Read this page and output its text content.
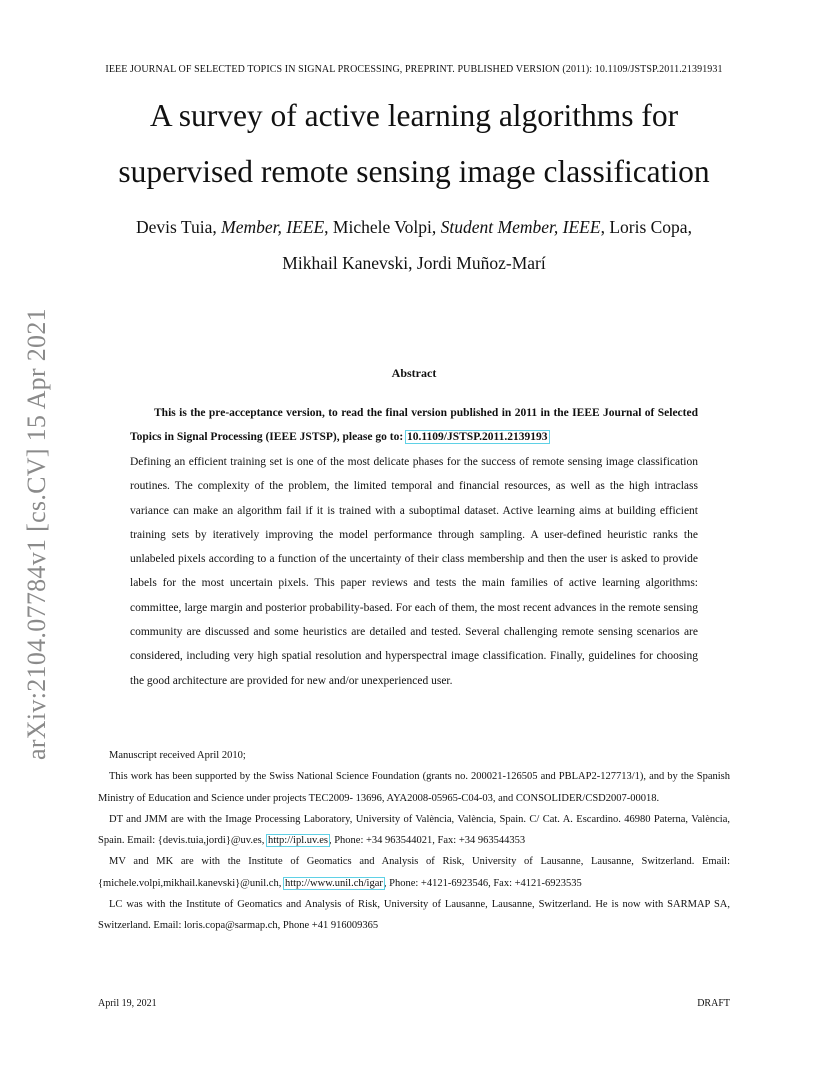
IEEE JOURNAL OF SELECTED TOPICS IN SIGNAL PROCESSING, PREPRINT. PUBLISHED VERSION (2011): 10.1109/JSTSP.2011.21391931
A survey of active learning algorithms for
supervised remote sensing image classification
Devis Tuia, Member, IEEE, Michele Volpi, Student Member, IEEE, Loris Copa,
Mikhail Kanevski, Jordi Muñoz-Marí
arXiv:2104.07784v1 [cs.CV] 15 Apr 2021	Abstract
This is the pre-acceptance version, to read the final version published in 2011 in the IEEE Journal of Selected Topics in Signal Processing (IEEE JSTSP), please go to: 10.1109/JSTSP.2011.2139193
Defining an efficient training set is one of the most delicate phases for the success of remote sensing image classification routines. The complexity of the problem, the limited temporal and financial resources, as well as the high intraclass variance can make an algorithm fail if it is trained with a suboptimal dataset. Active learning aims at building efficient training sets by iteratively improving the model performance through sampling. A user-defined heuristic ranks the unlabeled pixels according to a function of the uncertainty of their class membership and then the user is asked to provide labels for the most uncertain pixels. This paper reviews and tests the main families of active learning algorithms: committee, large margin and posterior probability-based. For each of them, the most recent advances in the remote sensing community are discussed and some heuristics are detailed and tested. Several challenging remote sensing scenarios are considered, including very high spatial resolution and hyperspectral image classification. Finally, guidelines for choosing the good architecture are provided for new and/or unexperienced user.
Manuscript received April 2010;
This work has been supported by the Swiss National Science Foundation (grants no. 200021-126505 and PBLAP2-127713/1), and by the Spanish Ministry of Education and Science under projects TEC2009- 13696, AYA2008-05965-C04-03, and CONSOLIDER/CSD2007-00018.
DT and JMM are with the Image Processing Laboratory, University of València, València, Spain. C/ Cat. A. Escardino. 46980 Paterna, València, Spain. Email: {devis.tuia,jordi}@uv.es, http://ipl.uv.es, Phone: +34 963544021, Fax: +34 963544353
MV and MK are with the Institute of Geomatics and Analysis of Risk, University of Lausanne, Lausanne, Switzerland. Email: {michele.volpi,mikhail.kanevski}@unil.ch, http://www.unil.ch/igar, Phone: +4121-6923546, Fax: +4121-6923535
LC was with the Institute of Geomatics and Analysis of Risk, University of Lausanne, Lausanne, Switzerland. He is now with SARMAP SA, Switzerland. Email: loris.copa@sarmap.ch, Phone +41 916009365
April 19, 2021	DRAFT
